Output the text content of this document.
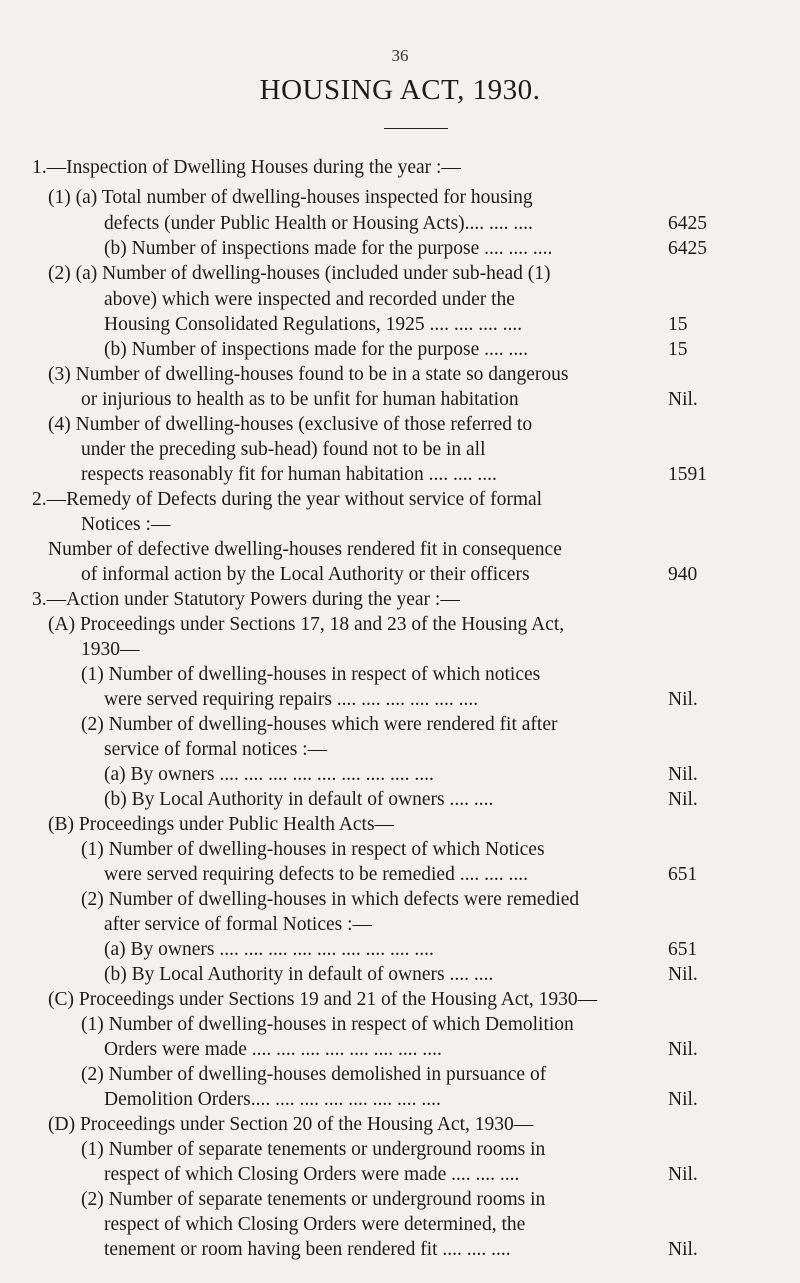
36
HOUSING ACT, 1930.
1.—Inspection of Dwelling Houses during the year :—
(1) (a) Total number of dwelling-houses inspected for housing
defects (under Public Health or Housing Acts).... .... ....	6425
(b) Number of inspections made for the purpose .... .... ....	6425
(2) (a) Number of dwelling-houses (included under sub-head (1)
above) which were inspected and recorded under the
Housing Consolidated Regulations, 1925 .... .... .... ....	15
(b) Number of inspections made for the purpose .... ....	15
(3) Number of dwelling-houses found to be in a state so dangerous
or injurious to health as to be unfit for human habitation	Nil.
(4) Number of dwelling-houses (exclusive of those referred to
under the preceding sub-head) found not to be in all
respects reasonably fit for human habitation .... .... ....	1591
2.—Remedy of Defects during the year without service of formal
Notices :—
Number of defective dwelling-houses rendered fit in consequence
of informal action by the Local Authority or their officers	940
3.—Action under Statutory Powers during the year :—
(A) Proceedings under Sections 17, 18 and 23 of the Housing Act,
1930—
(1) Number of dwelling-houses in respect of which notices
were served requiring repairs .... .... .... .... .... ....	Nil.
(2) Number of dwelling-houses which were rendered fit after
service of formal notices :—
(a) By owners .... .... .... .... .... .... .... .... ....	Nil.
(b) By Local Authority in default of owners .... ....	Nil.
(B) Proceedings under Public Health Acts—
(1) Number of dwelling-houses in respect of which Notices
were served requiring defects to be remedied .... .... ....	651
(2) Number of dwelling-houses in which defects were remedied
after service of formal Notices :—
(a) By owners .... .... .... .... .... .... .... .... ....	651
(b) By Local Authority in default of owners .... ....	Nil.
(C) Proceedings under Sections 19 and 21 of the Housing Act, 1930—
(1) Number of dwelling-houses in respect of which Demolition
Orders were made .... .... .... .... .... .... .... ....	Nil.
(2) Number of dwelling-houses demolished in pursuance of
Demolition Orders.... .... .... .... .... .... .... ....	Nil.
(D) Proceedings under Section 20 of the Housing Act, 1930—
(1) Number of separate tenements or underground rooms in
respect of which Closing Orders were made .... .... ....	Nil.
(2) Number of separate tenements or underground rooms in
respect of which Closing Orders were determined, the
tenement or room having been rendered fit .... .... ....	Nil.
